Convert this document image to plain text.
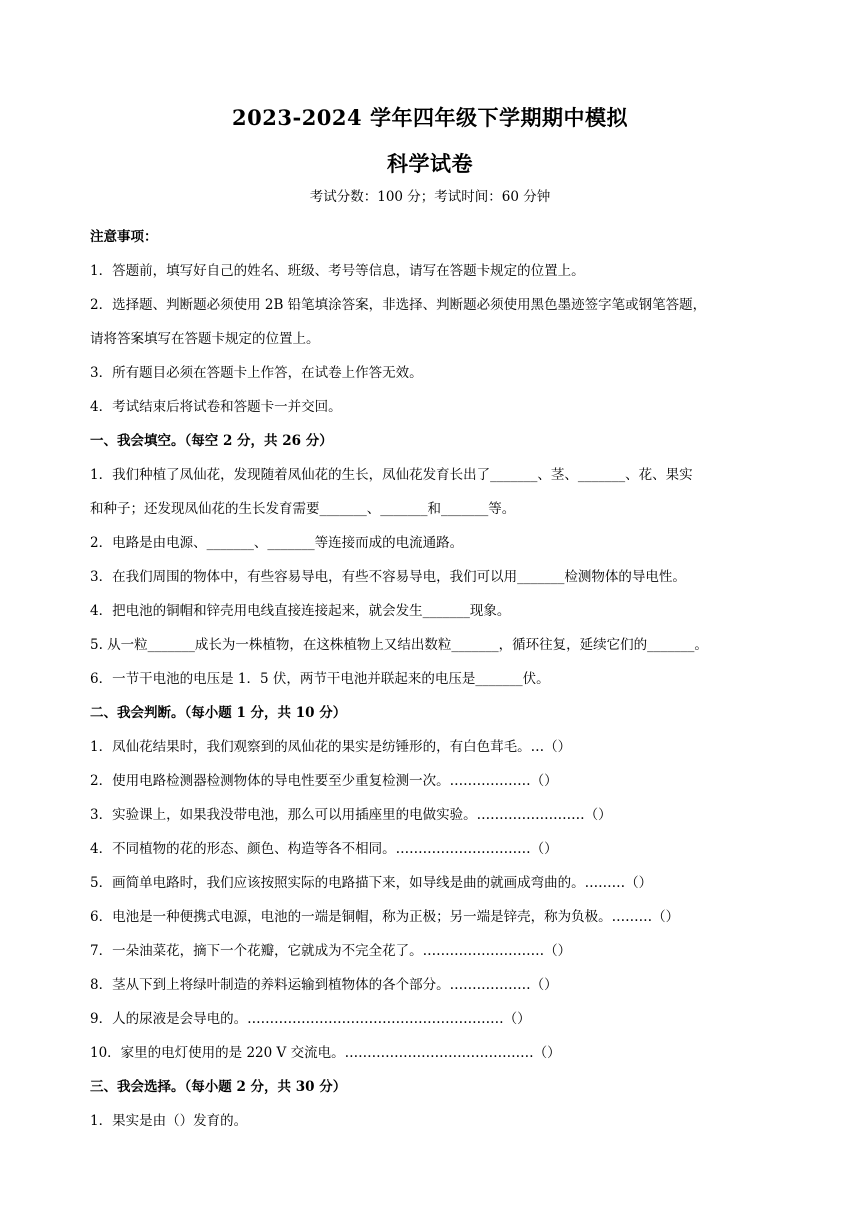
2023-2024 学年四年级下学期期中模拟
科学试卷
考试分数：100 分；考试时间：60 分钟
注意事项：
1．答题前，填写好自己的姓名、班级、考号等信息，请写在答题卡规定的位置上。
2．选择题、判断题必须使用 2B 铅笔填涂答案，非选择、判断题必须使用黑色墨迹签字笔或钢笔答题，
请将答案填写在答题卡规定的位置上。
3．所有题目必须在答题卡上作答，在试卷上作答无效。
4．考试结束后将试卷和答题卡一并交回。
一、我会填空。（每空 2 分，共 26 分）
1．我们种植了凤仙花，发现随着凤仙花的生长，凤仙花发育长出了_______、茎、_______、花、果实
和种子；还发现凤仙花的生长发育需要_______、_______和_______等。
2．电路是由电源、_______、_______等连接而成的电流通路。
3．在我们周围的物体中，有些容易导电，有些不容易导电，我们可以用_______检测物体的导电性。
4．把电池的铜帽和锌壳用电线直接连接起来，就会发生_______现象。
5. 从一粒_______成长为一株植物，在这株植物上又结出数粒_______，循环往复，延续它们的_______。
6．一节干电池的电压是 1．5 伏，两节干电池并联起来的电压是_______伏。
二、我会判断。（每小题 1 分，共 10 分）
1．凤仙花结果时，我们观察到的凤仙花的果实是纺锤形的，有白色茸毛。…（）
2．使用电路检测器检测物体的导电性要至少重复检测一次。………………（）
3．实验课上，如果我没带电池，那么可以用插座里的电做实验。……………………（）
4．不同植物的花的形态、颜色、构造等各不相同。…………………………（）
5．画简单电路时，我们应该按照实际的电路描下来，如导线是曲的就画成弯曲的。………（）
6．电池是一种便携式电源，电池的一端是铜帽，称为正极；另一端是锌壳，称为负极。………（）
7．一朵油菜花，摘下一个花瓣，它就成为不完全花了。………………………（）
8．茎从下到上将绿叶制造的养料运输到植物体的各个部分。………………（）
9．人的尿液是会导电的。…………………………………………………（）
10．家里的电灯使用的是 220 V 交流电。……………………………………（）
三、我会选择。（每小题 2 分，共 30 分）
1．果实是由（）发育的。
